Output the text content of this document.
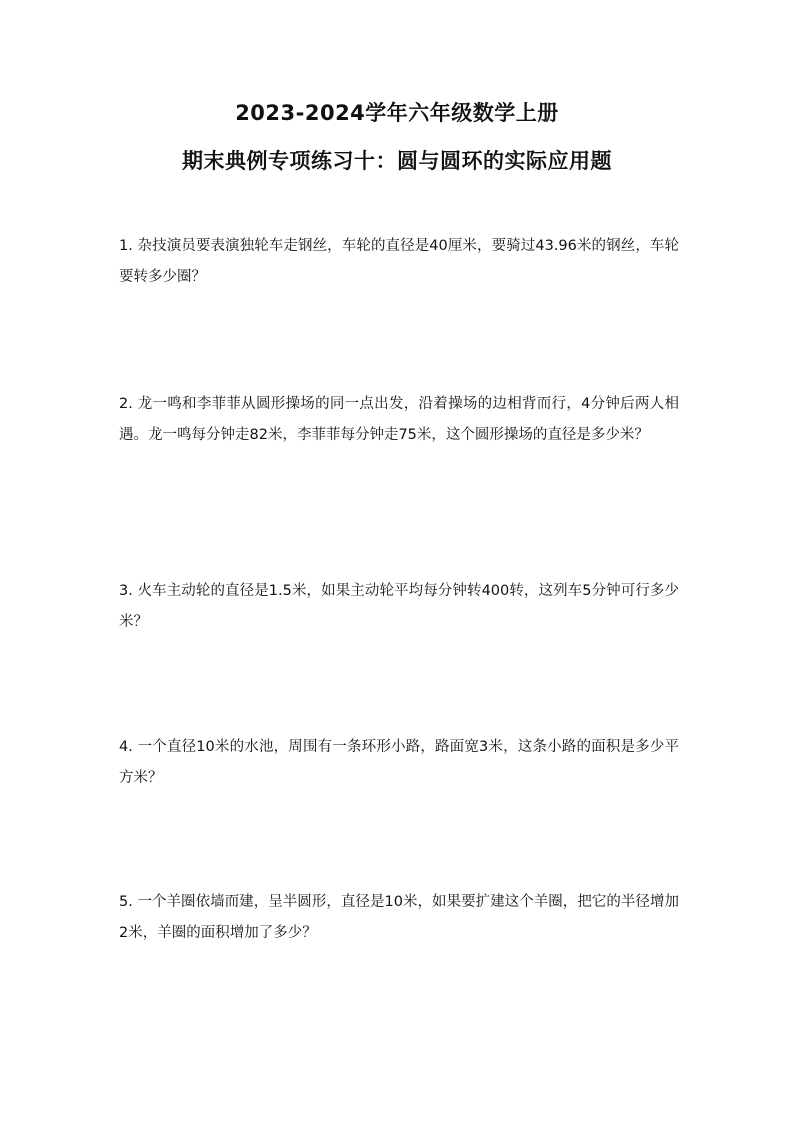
2023-2024学年六年级数学上册
期末典例专项练习十：圆与圆环的实际应用题

1. 杂技演员要表演独轮车走钢丝，车轮的直径是40厘米，要骑过43.96米的钢丝，车轮要转多少圈？

2. 龙一鸣和李菲菲从圆形操场的同一点出发，沿着操场的边相背而行，4分钟后两人相遇。龙一鸣每分钟走82米，李菲菲每分钟走75米，这个圆形操场的直径是多少米？

3. 火车主动轮的直径是1.5米，如果主动轮平均每分钟转400转，这列车5分钟可行多少米？

4. 一个直径10米的水池，周围有一条环形小路，路面宽3米，这条小路的面积是多少平方米？

5. 一个羊圈依墙而建，呈半圆形，直径是10米，如果要扩建这个羊圈，把它的半径增加2米，羊圈的面积增加了多少？
